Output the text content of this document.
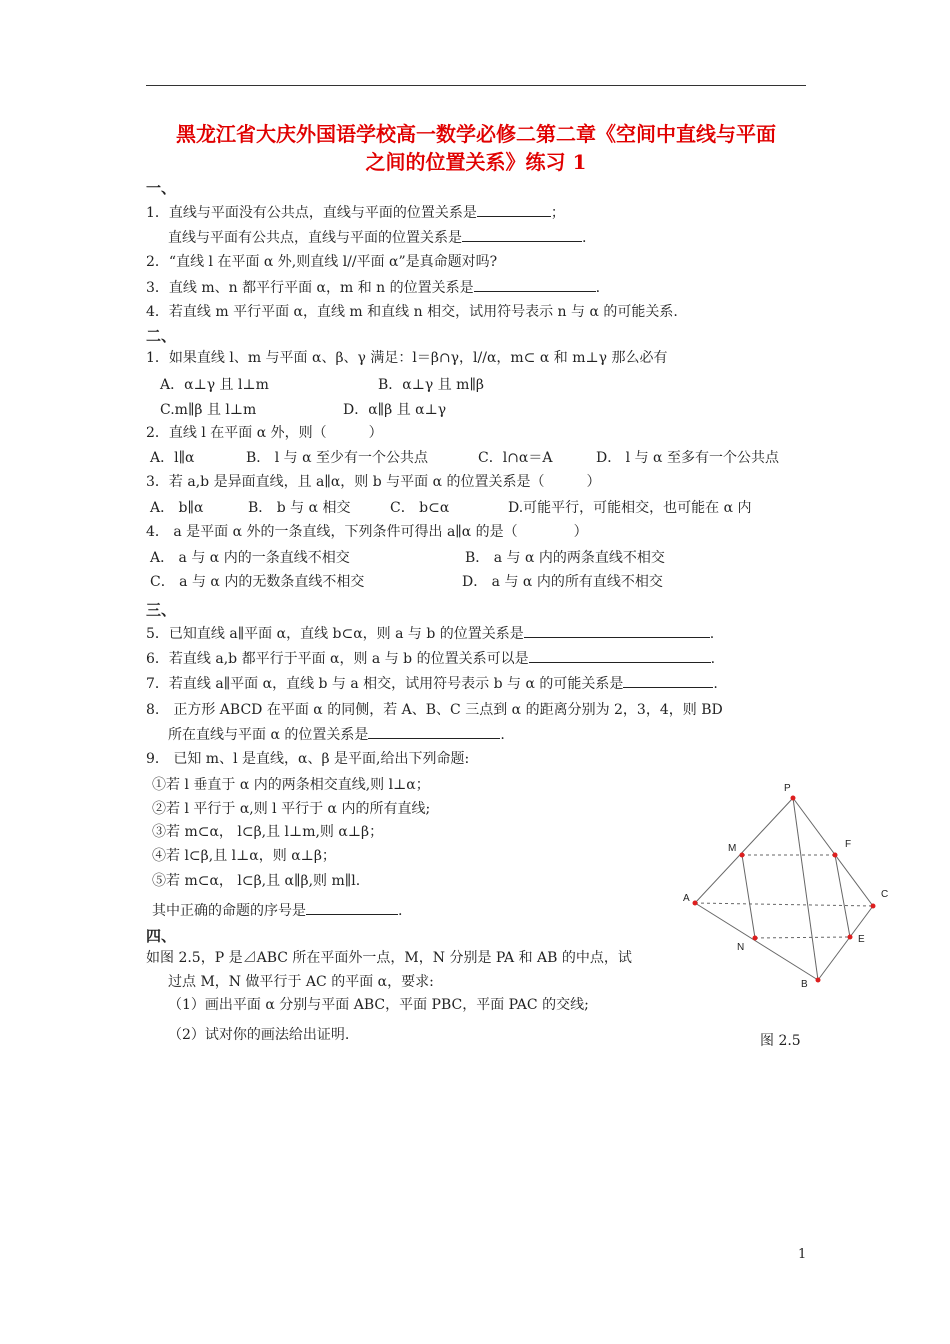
黑龙江省大庆外国语学校高一数学必修二第二章《空间中直线与平面
之间的位置关系》练习 1
一、
1．直线与平面没有公共点，直线与平面的位置关系是	；
直线与平面有公共点，直线与平面的位置关系是	.
2．“直线 l 在平面 α 外,则直线 l//平面 α”是真命题对吗?
3．直线 m、n 都平行平面 α，m 和 n 的位置关系是	.
4．若直线 m 平行平面 α，直线 m 和直线 n 相交，试用符号表示 n 与 α 的可能关系.
二、
1．如果直线 l、m 与平面 α、β、γ 满足：l＝β∩γ，l//α，m⊂ α 和 m⊥γ 那么必有
A．α⊥γ 且 l⊥m	B．α⊥γ 且 m∥β
C.m∥β 且 l⊥m	D．α∥β 且 α⊥γ
2．直线 l 在平面 α 外，则（　　　）
A．l∥α	B． l 与 α 至少有一个公共点	C．l∩α＝A	D． l 与 α 至多有一个公共点
3．若 a,b 是异面直线，且 a∥α，则 b 与平面 α 的位置关系是（　　　）
A． b∥α	B． b 与 α 相交	C． b⊂α	D.可能平行，可能相交，也可能在 α 内
4． a 是平面 α 外的一条直线，下列条件可得出 a∥α 的是（　　　　）
A． a 与 α 内的一条直线不相交	B． a 与 α 内的两条直线不相交
C． a 与 α 内的无数条直线不相交	D． a 与 α 内的所有直线不相交
三、
5．已知直线 a∥平面 α，直线 b⊂α，则 a 与 b 的位置关系是	.
6．若直线 a,b 都平行于平面 α，则 a 与 b 的位置关系可以是	.
7．若直线 a∥平面 α，直线 b 与 a 相交，试用符号表示 b 与 α 的可能关系是	.
8.　正方形 ABCD 在平面 α 的同侧，若 A、B、C 三点到 α 的距离分别为 2，3，4，则 BD
所在直线与平面 α 的位置关系是	.
9． 已知 m、l 是直线，α、β 是平面,给出下列命题:
①若 l 垂直于 α 内的两条相交直线,则 l⊥α；
②若 l 平行于 α,则 l 平行于 α 内的所有直线;
③若 m⊂α， l⊂β,且 l⊥m,则 α⊥β；
④若 l⊂β,且 l⊥α，则 α⊥β；
⑤若 m⊂α， l⊂β,且 α∥β,则 m∥l.
其中正确的命题的序号是	.
四、
如图 2.5，P 是⊿ABC 所在平面外一点，M，N 分别是 PA 和 AB 的中点，试
过点 M，N 做平行于 AC 的平面 α，要求:
（1）画出平面 α 分别与平面 ABC，平面 PBC，平面 PAC 的交线;
（2）试对你的画法给出证明.
P
M	F
A	C
N
E
B
图 2.5
1
